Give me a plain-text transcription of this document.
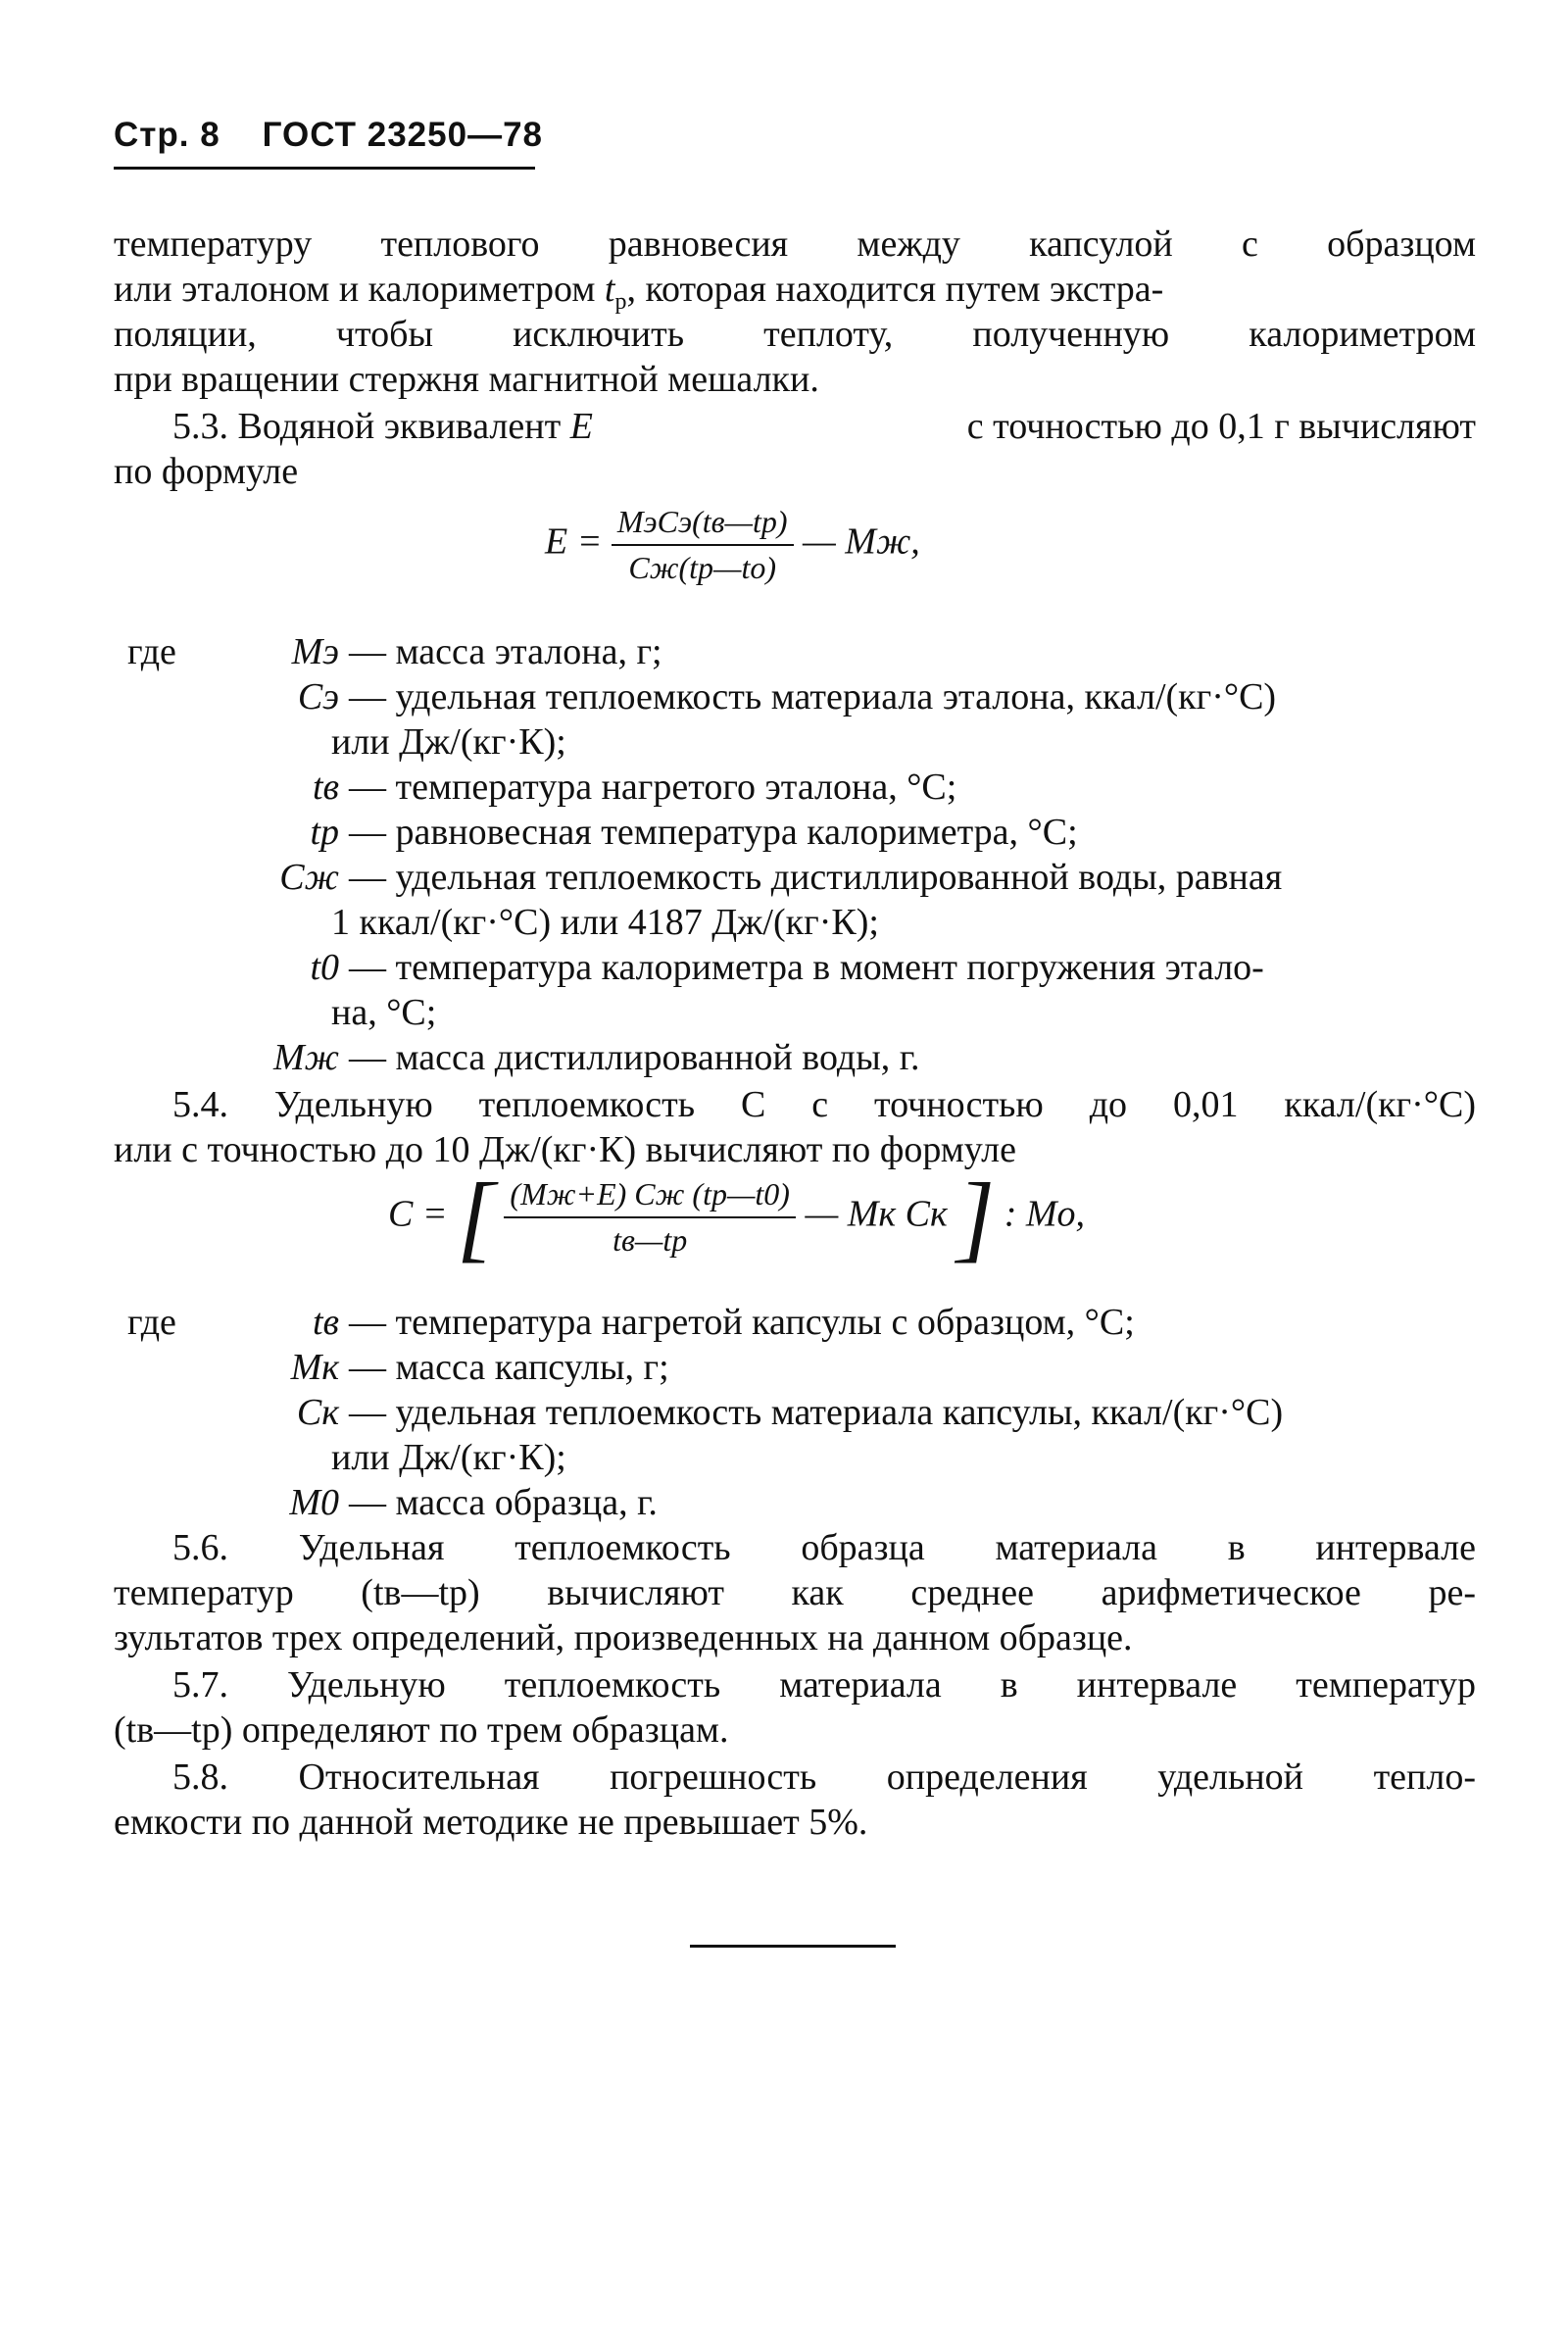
Стр. 8 ГОСТ 23250—78
температуру теплового равновесия между капсулой с образцом
или эталоном и калориметром $t_р$, которая находится путем экстра-
поляции, чтобы исключить теплоту, полученную калориметром
при вращении стержня магнитной мешалки.
5.3. Водяной эквивалент E	с точностью до 0,1 г вычисляют
по формуле
$E = \frac{\text{MэCэ(tв—tр)}}{Cж(tр—to)}$ — Mж,
где	Mэ — масса эталона, г;
Cэ — удельная теплоемкость материала эталона, ккал/(кг·°С)
или Дж/(кг·К);
tв — температура нагретого эталона, °С;
tр — равновесная температура калориметра, °С;
Cж — удельная теплоемкость дистиллированной воды, равная
1 ккал/(кг·°С) или 4187 Дж/(кг·К);
t0 — температура калориметра в момент погружения этало-
на, °С;
Mж — масса дистиллированной воды, г.
5.4. Удельную теплоемкость С с точностью до 0,01 ккал/(кг·°С)
или с точностью до 10 Дж/(кг·К) вычисляют по формуле
C = [ $\frac{(Mж+E) Cж (tр—t0)}{tв—tр}$ — Mк Cк ] : Mо,
где	tв — температура нагретой капсулы с образцом, °С;
Mк — масса капсулы, г;
Cк — удельная теплоемкость материала капсулы, ккал/(кг·°С)
или Дж/(кг·К);
M0 — масса образца, г.
5.6. Удельная теплоемкость образца материала в интервале
температур (tв—tр) вычисляют как среднее арифметическое ре-
зультатов трех определений, произведенных на данном образце.
5.7. Удельную теплоемкость материала в интервале температур
(tв—tр) определяют по трем образцам.
5.8. Относительная погрешность определения удельной тепло-
емкости по данной методике не превышает 5%.
